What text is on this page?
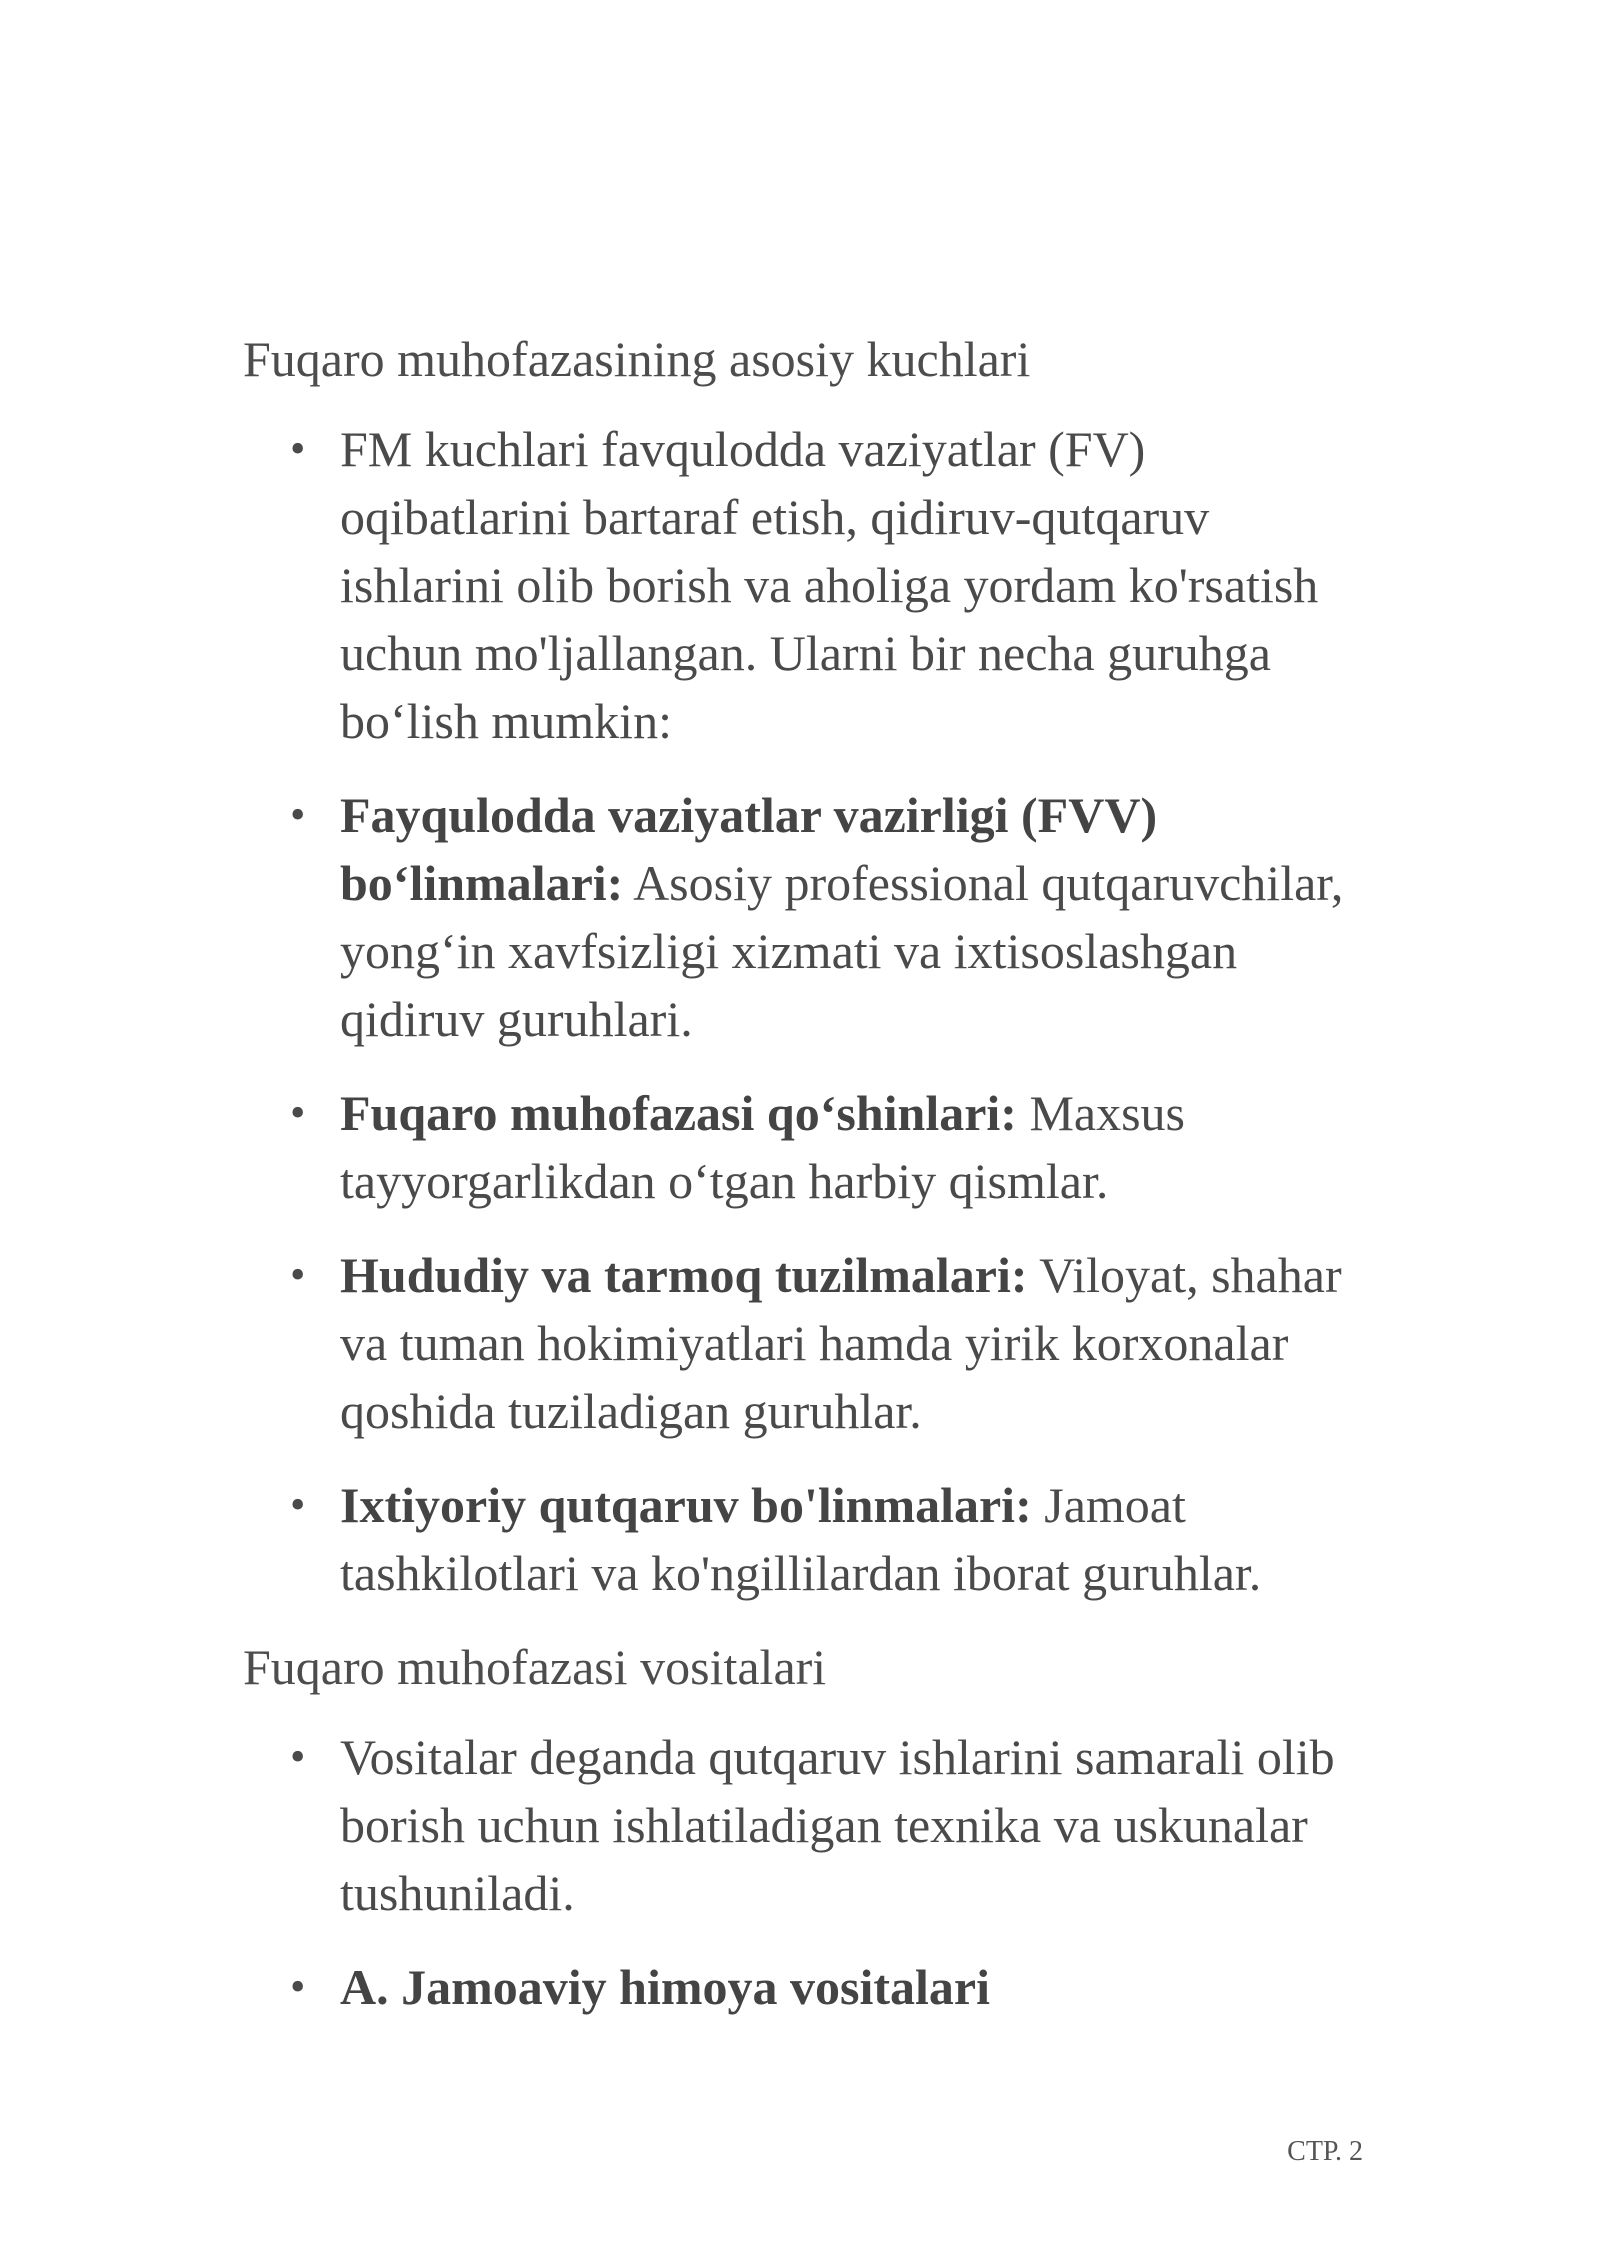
Fuqaro muhofazasining asosiy kuchlari
• FM kuchlari favqulodda vaziyatlar (FV) oqibatlarini bartaraf etish, qidiruv-qutqaruv ishlarini olib borish va aholiga yordam ko'rsatish uchun mo'ljallangan. Ularni bir necha guruhga bo‘lish mumkin:
• Fayqulodda vaziyatlar vazirligi (FVV) bo‘linmalari: Asosiy professional qutqaruvchilar, yong‘in xavfsizligi xizmati va ixtisoslashgan qidiruv guruhlari.
• Fuqaro muhofazasi qo‘shinlari: Maxsus tayyorgarlikdan o‘tgan harbiy qismlar.
• Hududiy va tarmoq tuzilmalari: Viloyat, shahar va tuman hokimiyatlari hamda yirik korxonalar qoshida tuziladigan guruhlar.
• Ixtiyoriy qutqaruv bo'linmalari: Jamoat tashkilotlari va ko'ngillilardan iborat guruhlar.
Fuqaro muhofazasi vositalari
• Vositalar deganda qutqaruv ishlarini samarali olib borish uchun ishlatiladigan texnika va uskunalar tushuniladi.
• A. Jamoaviy himoya vositalari
СТР. 2
